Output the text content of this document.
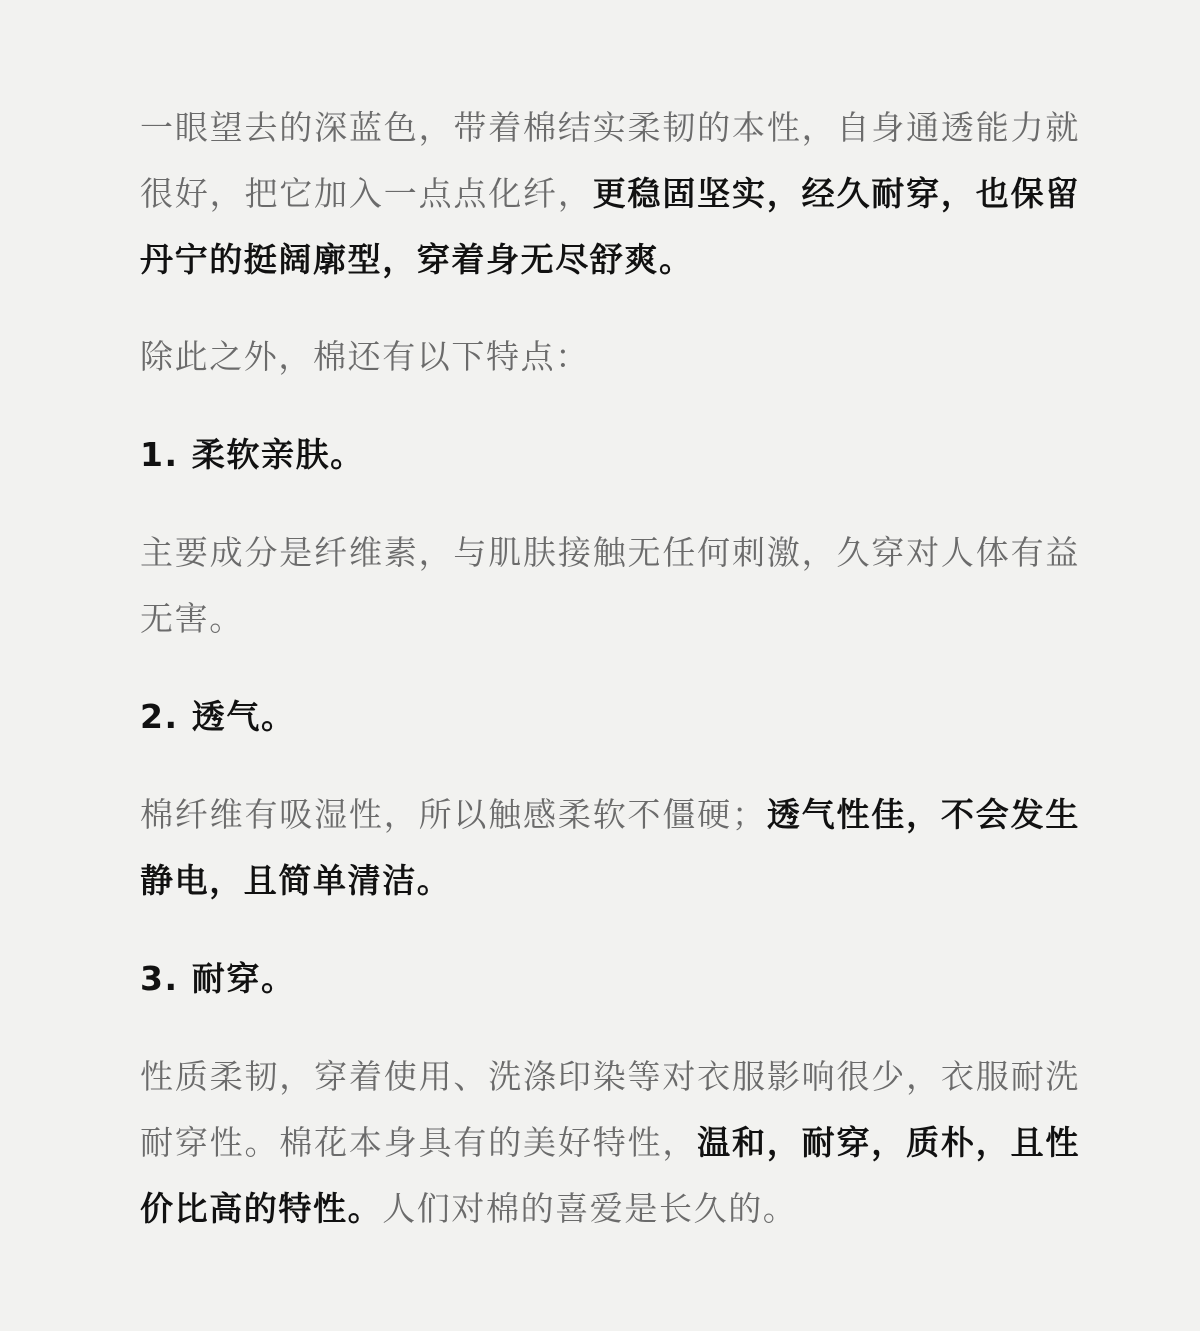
一眼望去的深蓝色，带着棉结实柔韧的本性，自身通透能力就很好，把它加入一点点化纤，更稳固坚实，经久耐穿，也保留丹宁的挺阔廓型，穿着身无尽舒爽。

除此之外，棉还有以下特点：

1. 柔软亲肤。

主要成分是纤维素，与肌肤接触无任何刺激，久穿对人体有益无害。

2. 透气。

棉纤维有吸湿性，所以触感柔软不僵硬；透气性佳，不会发生静电，且简单清洁。

3. 耐穿。

性质柔韧，穿着使用、洗涤印染等对衣服影响很少，衣服耐洗耐穿性。棉花本身具有的美好特性，温和，耐穿，质朴，且性价比高的特性。人们对棉的喜爱是长久的。
